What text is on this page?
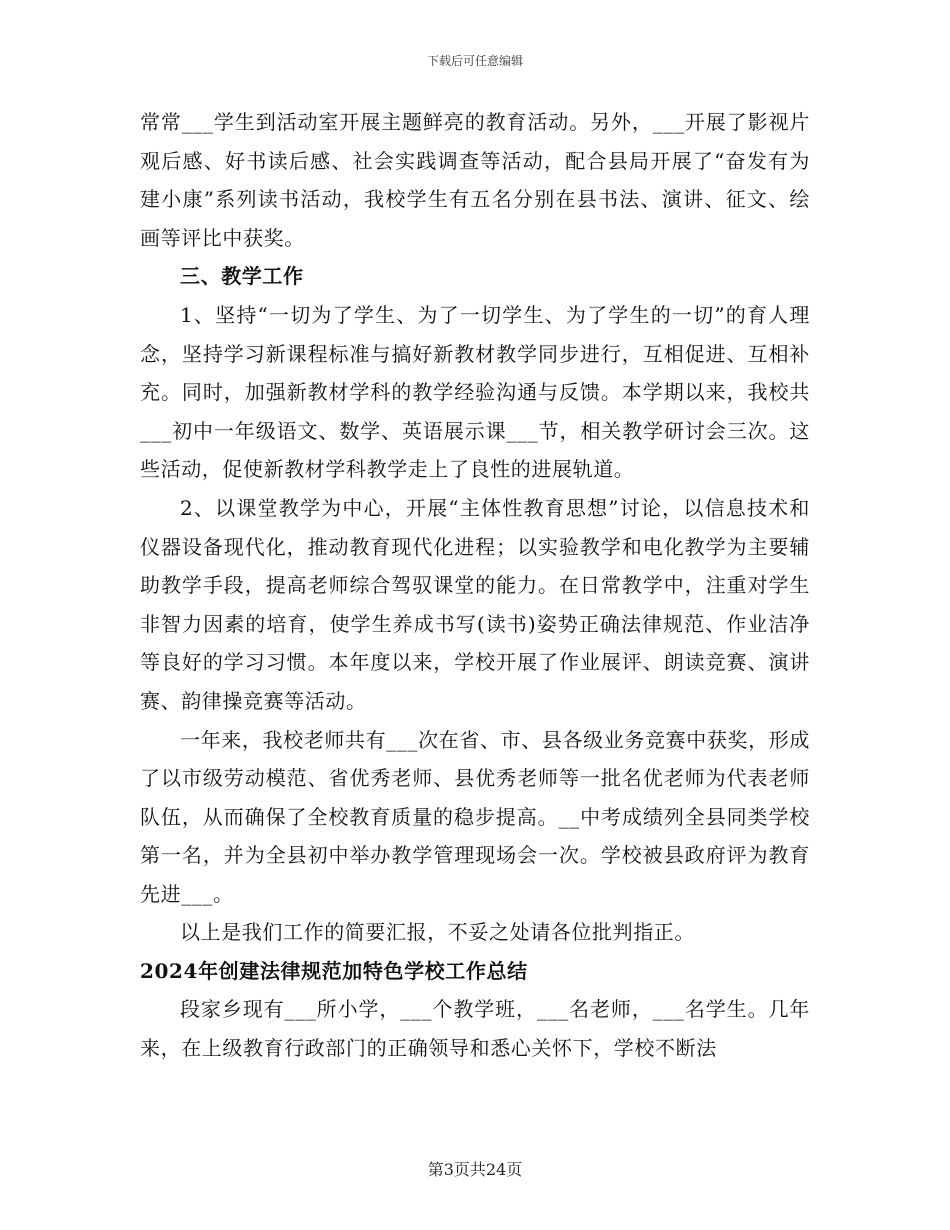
下载后可任意编辑

常常___学生到活动室开展主题鲜亮的教育活动。另外，___开展了影视片观后感、好书读后感、社会实践调查等活动，配合县局开展了“奋发有为建小康”系列读书活动，我校学生有五名分别在县书法、演讲、征文、绘画等评比中获奖。

三、教学工作

1、坚持“一切为了学生、为了一切学生、为了学生的一切”的育人理念，坚持学习新课程标准与搞好新教材教学同步进行，互相促进、互相补充。同时，加强新教材学科的教学经验沟通与反馈。本学期以来，我校共___初中一年级语文、数学、英语展示课___节，相关教学研讨会三次。这些活动，促使新教材学科教学走上了良性的进展轨道。

2、以课堂教学为中心，开展“主体性教育思想”讨论，以信息技术和仪器设备现代化，推动教育现代化进程；以实验教学和电化教学为主要辅助教学手段，提高老师综合驾驭课堂的能力。在日常教学中，注重对学生非智力因素的培育，使学生养成书写(读书)姿势正确法律规范、作业洁净等良好的学习习惯。本年度以来，学校开展了作业展评、朗读竞赛、演讲赛、韵律操竞赛等活动。

一年来，我校老师共有___次在省、市、县各级业务竞赛中获奖，形成了以市级劳动模范、省优秀老师、县优秀老师等一批名优老师为代表老师队伍，从而确保了全校教育质量的稳步提高。__中考成绩列全县同类学校第一名，并为全县初中举办教学管理现场会一次。学校被县政府评为教育先进___。

以上是我们工作的简要汇报，不妥之处请各位批判指正。

2024年创建法律规范加特色学校工作总结

段家乡现有___所小学，___个教学班，___名老师，___名学生。几年来，在上级教育行政部门的正确领导和悉心关怀下，学校不断法

第3页共24页
